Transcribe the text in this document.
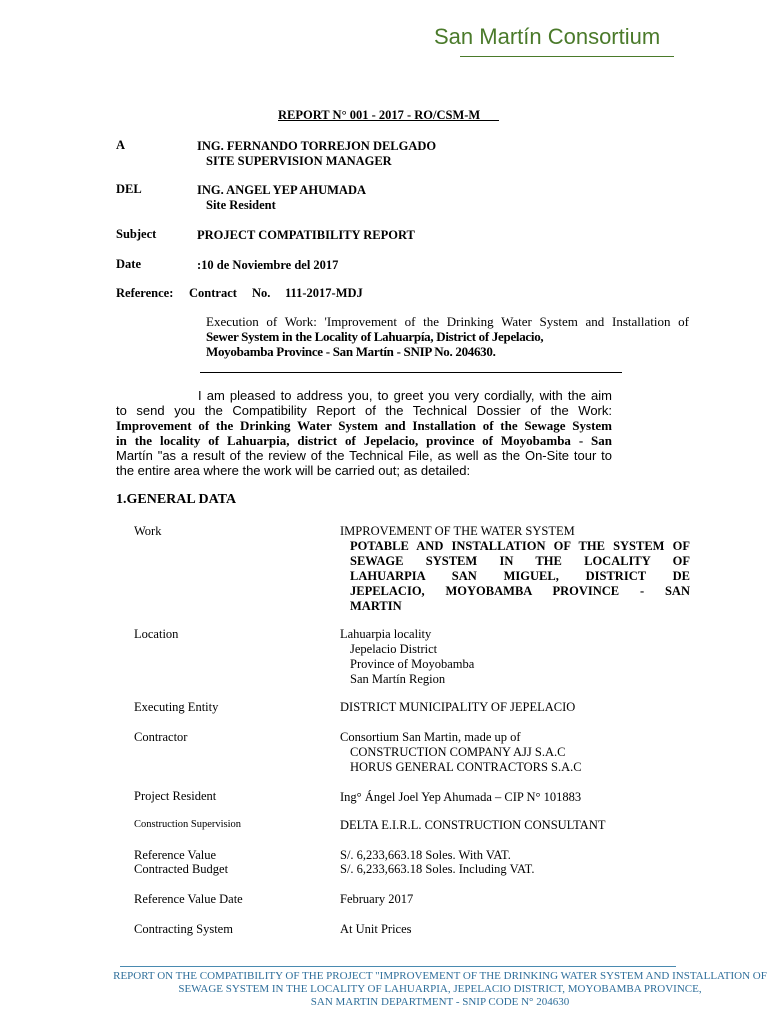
San Martín Consortium
REPORT N° 001 - 2017 - RO/CSM-M
A	ING. FERNANDO TORREJON DELGADO
SITE SUPERVISION MANAGER
DEL	ING. ANGEL YEP AHUMADA
Site Resident
Subject	PROJECT COMPATIBILITY REPORT
Date	:10 de Noviembre del 2017
Reference: Contract No. 111-2017-MDJ
Execution of Work: 'Improvement of the Drinking Water System and Installation of
Sewer System in the Locality of Lahuarpía, District of Jepelacio,
Moyobamba Province - San Martín - SNIP No. 204630.
I am pleased to address you, to greet you very cordially, with the aim
to send you the Compatibility Report of the Technical Dossier of the Work:
Improvement of the Drinking Water System and Installation of the Sewage System
in the locality of Lahuarpia, district of Jepelacio, province of Moyobamba - San
Martín "as a result of the review of the Technical File, as well as the On-Site tour to
the entire area where the work will be carried out; as detailed:
1.GENERAL DATA
Work	IMPROVEMENT OF THE WATER SYSTEM
POTABLE AND INSTALLATION OF THE SYSTEM OF
SEWAGE SYSTEM IN THE LOCALITY OF
LAHUARPIA SAN MIGUEL, DISTRICT DE
JEPELACIO, MOYOBAMBA PROVINCE - SAN
MARTIN
Location	Lahuarpia locality
Jepelacio District
Province of Moyobamba
San Martín Region
Executing Entity	DISTRICT MUNICIPALITY OF JEPELACIO
Contractor	Consortium San Martin, made up of
CONSTRUCTION COMPANY AJJ S.A.C
HORUS GENERAL CONTRACTORS S.A.C
Project Resident	Ing° Ángel Joel Yep Ahumada – CIP N° 101883
Construction Supervision	DELTA E.I.R.L. CONSTRUCTION CONSULTANT
Reference Value	S/. 6,233,663.18 Soles. With VAT.
Contracted Budget	S/. 6,233,663.18 Soles. Including VAT.
Reference Value Date	February 2017
Contracting System	At Unit Prices
REPORT ON THE COMPATIBILITY OF THE PROJECT "IMPROVEMENT OF THE DRINKING WATER SYSTEM AND INSTALLATION OF
SEWAGE SYSTEM IN THE LOCALITY OF LAHUARPIA, JEPELACIO DISTRICT, MOYOBAMBA PROVINCE,
SAN MARTIN DEPARTMENT - SNIP CODE N° 204630
